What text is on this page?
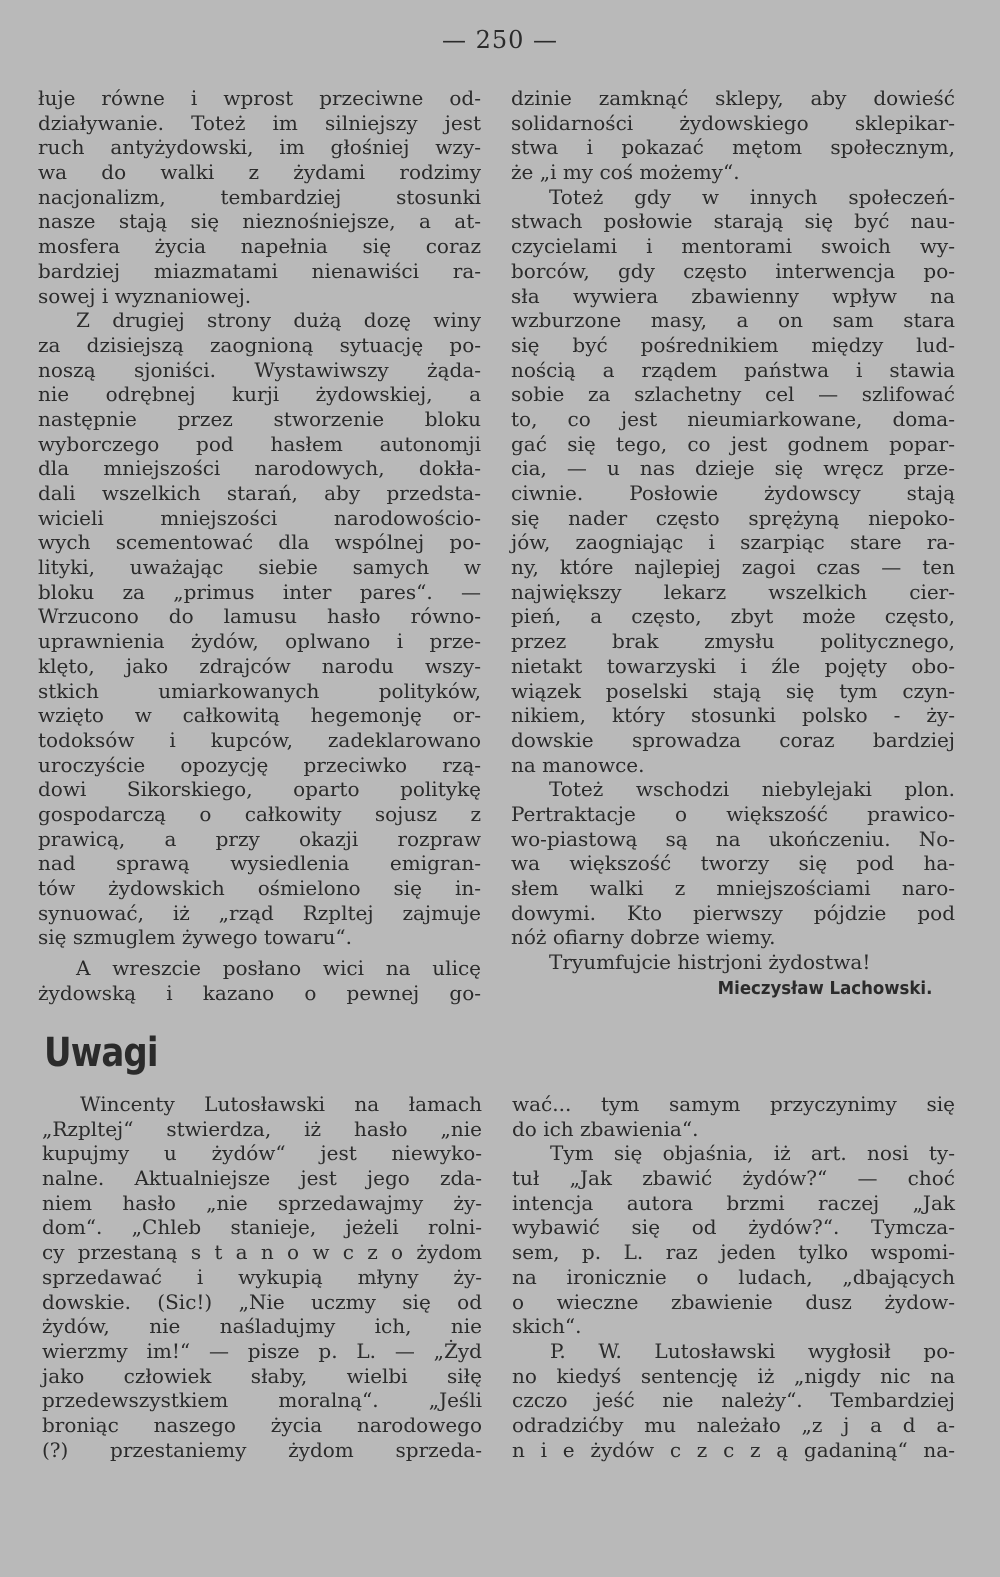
— 250 —
łuje równe i wprost przeciwne od-
działywanie. Toteż im silniejszy jest
ruch antyżydowski, im głośniej wzy-
wa do walki z żydami rodzimy
nacjonalizm, tembardziej stosunki
nasze stają się nieznośniejsze, a at-
mosfera życia napełnia się coraz
bardziej miazmatami nienawiści ra-
sowej i wyznaniowej.
Z drugiej strony dużą dozę winy
za dzisiejszą zaognioną sytuację po-
noszą sjoniści. Wystawiwszy żąda-
nie odrębnej kurji żydowskiej, a
następnie przez stworzenie bloku
wyborczego pod hasłem autonomji
dla mniejszości narodowych, dokła-
dali wszelkich starań, aby przedsta-
wicieli mniejszości narodowościo-
wych scementować dla wspólnej po-
lityki, uważając siebie samych w
bloku za „primus inter pares“. —
Wrzucono do lamusu hasło równo-
uprawnienia żydów, oplwano i prze-
klęto, jako zdrajców narodu wszy-
stkich umiarkowanych polityków,
wzięto w całkowitą hegemonję or-
todoksów i kupców, zadeklarowano
uroczyście opozycję przeciwko rzą-
dowi Sikorskiego, oparto politykę
gospodarczą o całkowity sojusz z
prawicą, a przy okazji rozpraw
nad sprawą wysiedlenia emigran-
tów żydowskich ośmielono się in-
synuować, iż „rząd Rzpltej zajmuje
się szmuglem żywego towaru“.
A wreszcie posłano wici na ulicę
żydowską i kazano o pewnej go-
dzinie zamknąć sklepy, aby dowieść
solidarności żydowskiego sklepikar-
stwa i pokazać mętom społecznym,
że „i my coś możemy“.
Toteż gdy w innych społeczeń-
stwach posłowie starają się być nau-
czycielami i mentorami swoich wy-
borców, gdy często interwencja po-
sła wywiera zbawienny wpływ na
wzburzone masy, a on sam stara
się być pośrednikiem między lud-
nością a rządem państwa i stawia
sobie za szlachetny cel — szlifować
to, co jest nieumiarkowane, doma-
gać się tego, co jest godnem popar-
cia, — u nas dzieje się wręcz prze-
ciwnie. Posłowie żydowscy stają
się nader często sprężyną niepoko-
jów, zaogniając i szarpiąc stare ra-
ny, które najlepiej zagoi czas — ten
największy lekarz wszelkich cier-
pień, a często, zbyt może często,
przez brak zmysłu politycznego,
nietakt towarzyski i źle pojęty obo-
wiązek poselski stają się tym czyn-
nikiem, który stosunki polsko - ży-
dowskie sprowadza coraz bardziej
na manowce.
Toteż wschodzi niebylejaki plon.
Pertraktacje o większość prawico-
wo-piastową są na ukończeniu. No-
wa większość tworzy się pod ha-
słem walki z mniejszościami naro-
dowymi. Kto pierwszy pójdzie pod
nóż ofiarny dobrze wiemy.
Tryumfujcie histrjoni żydostwa!
Mieczysław Lachowski.
Uwagi
Wincenty Lutosławski na łamach
„Rzpltej“ stwierdza, iż hasło „nie
kupujmy u żydów“ jest niewyko-
nalne. Aktualniejsze jest jego zda-
niem hasło „nie sprzedawajmy ży-
dom“. „Chleb stanieje, jeżeli rolni-
cy przestaną s t a n o w c z o żydom
sprzedawać i wykupią młyny ży-
dowskie. (Sic!) „Nie uczmy się od
żydów, nie naśladujmy ich, nie
wierzmy im!“ — pisze p. L. — „Żyd
jako człowiek słaby, wielbi siłę
przedewszystkiem moralną“. „Jeśli
broniąc naszego życia narodowego
(?) przestaniemy żydom sprzeda-
wać... tym samym przyczynimy się
do ich zbawienia“.
Tym się objaśnia, iż art. nosi ty-
tuł „Jak zbawić żydów?“ — choć
intencja autora brzmi raczej „Jak
wybawić się od żydów?“. Tymcza-
sem, p. L. raz jeden tylko wspomi-
na ironicznie o ludach, „dbających
o wieczne zbawienie dusz żydow-
skich“.
P. W. Lutosławski wygłosił po-
no kiedyś sentencję iż „nigdy nic na
czczo jeść nie należy“. Tembardziej
odradzićby mu należało „z j a d a-
n i e żydów c z c z ą gadaniną“ na-
